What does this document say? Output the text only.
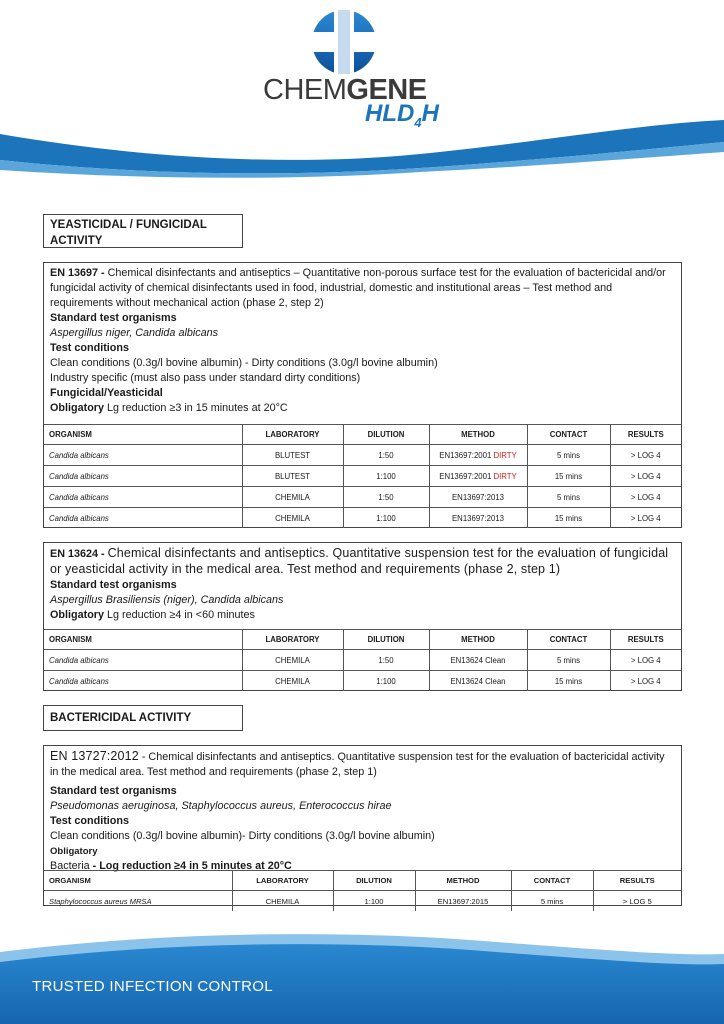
CHEMGENE
$HLD_4H$
YEASTICIDAL / FUNGICIDAL
ACTIVITY
EN 13697 - Chemical disinfectants and antiseptics – Quantitative non-porous surface test for the evaluation of bactericidal and/or fungicidal activity of chemical disinfectants used in food, industrial, domestic and institutional areas – Test method and requirements without mechanical action (phase 2, step 2)
Standard test organisms
Aspergillus niger, Candida albicans
Test conditions
Clean conditions (0.3g/l bovine albumin) - Dirty conditions (3.0g/l bovine albumin)
Industry specific (must also pass under standard dirty conditions)
Fungicidal/Yeasticidal
Obligatory Lg reduction ≥3 in 15 minutes at 20°C
ORGANISM	LABORATORY	DILUTION	METHOD	CONTACT	RESULTS
Candida albicans	BLUTEST	1:50	EN13697:2001 DIRTY	5 mins	> LOG 4
Candida albicans	BLUTEST	1:100	EN13697:2001 DIRTY	15 mins	> LOG 4
Candida albicans	CHEMILA	1:50	EN13697:2013	5 mins	> LOG 4
Candida albicans	CHEMILA	1:100	EN13697:2013	15 mins	> LOG 4
EN 13624 - Chemical disinfectants and antiseptics. Quantitative suspension test for the evaluation of fungicidal or yeasticidal activity in the medical area. Test method and requirements (phase 2, step 1)
Standard test organisms
Aspergillus Brasiliensis (niger), Candida albicans
Obligatory Lg reduction ≥4 in <60 minutes
ORGANISM	LABORATORY	DILUTION	METHOD	CONTACT	RESULTS
Candida albicans	CHEMILA	1:50	EN13624 Clean	5 mins	> LOG 4
Candida albicans	CHEMILA	1:100	EN13624 Clean	15 mins	> LOG 4
BACTERICIDAL ACTIVITY
EN 13727:2012 - Chemical disinfectants and antiseptics. Quantitative suspension test for the evaluation of bactericidal activity in the medical area. Test method and requirements (phase 2, step 1)
Standard test organisms
Pseudomonas aeruginosa, Staphylococcus aureus, Enterococcus hirae
Test conditions
Clean conditions (0.3g/l bovine albumin)- Dirty conditions (3.0g/l bovine albumin)
Obligatory
Bacteria - Log reduction ≥4 in 5 minutes at 20°C
ORGANISM	LABORATORY	DILUTION	METHOD	CONTACT	RESULTS
Staphylococcus aureus MRSA	CHEMILA	1:100	EN13697:2015	5 mins	> LOG 5
TRUSTED INFECTION CONTROL
